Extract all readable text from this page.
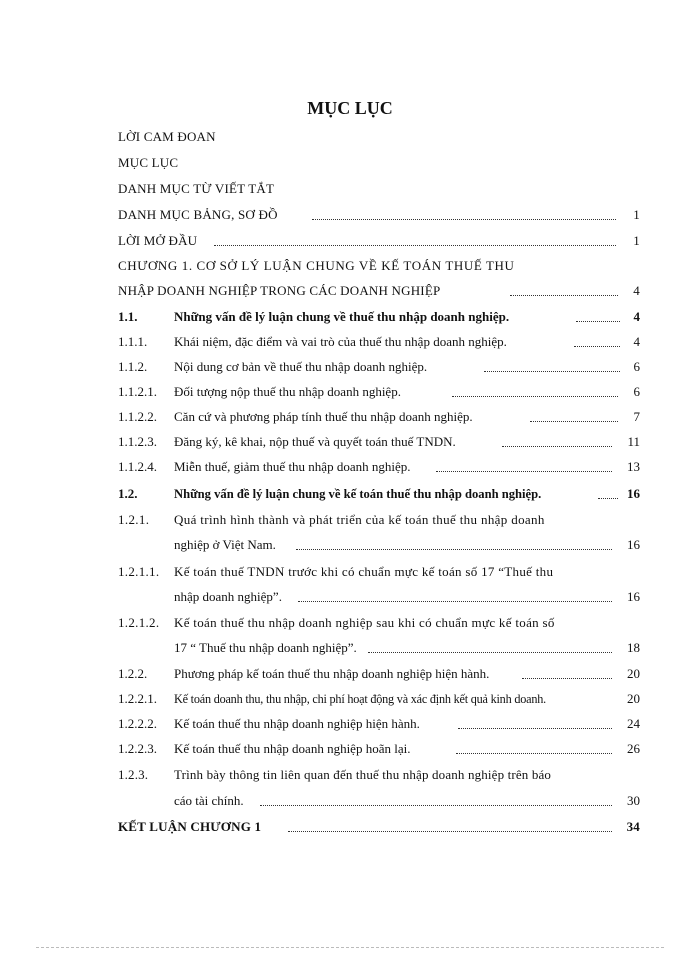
MỤC LỤC
LỜI CAM ĐOAN
MỤC LỤC
DANH MỤC TỪ VIẾT TẮT
DANH MỤC BẢNG, SƠ ĐỒ	1
LỜI MỞ ĐẦU	1
CHƯƠNG 1. CƠ SỞ LÝ LUẬN CHUNG VỀ KẾ TOÁN THUẾ THU
NHẬP DOANH NGHIỆP TRONG CÁC DOANH NGHIỆP	4
1.1.	Những vấn đề lý luận chung về thuế thu nhập doanh nghiệp.	4
1.1.1. Khái niệm, đặc điểm và vai trò của thuế thu nhập doanh nghiệp.	4
1.1.2. Nội dung cơ bản về thuế thu nhập doanh nghiệp.	6
1.1.2.1. Đối tượng nộp thuế thu nhập doanh nghiệp.	6
1.1.2.2. Căn cứ và phương pháp tính thuế thu nhập doanh nghiệp.	7
1.1.2.3. Đăng ký, kê khai, nộp thuế và quyết toán thuế TNDN.	11
1.1.2.4. Miễn thuế, giảm thuế thu nhập doanh nghiệp.	13
1.2.	Những vấn đề lý luận chung về kế toán thuế thu nhập doanh nghiệp.	16
1.2.1. Quá trình hình thành và phát triển của kế toán thuế thu nhập doanh
nghiệp ở Việt Nam.	16
1.2.1.1. Kế toán thuế TNDN trước khi có chuẩn mực kế toán số 17 “Thuế thu
nhập doanh nghiệp”.	16
1.2.1.2. Kế toán thuế thu nhập doanh nghiệp sau khi có chuẩn mực kế toán số
17 “ Thuế thu nhập doanh nghiệp”.	18
1.2.2. Phương pháp kế toán thuế thu nhập doanh nghiệp hiện hành.	20
1.2.2.1. Kế toán doanh thu, thu nhập, chi phí hoạt động và xác định kết quả kinh doanh.	20
1.2.2.2. Kế toán thuế thu nhập doanh nghiệp hiện hành.	24
1.2.2.3. Kế toán thuế thu nhập doanh nghiệp hoãn lại.	26
1.2.3. Trình bày thông tin liên quan đến thuế thu nhập doanh nghiệp trên báo
cáo tài chính.	30
KẾT LUẬN CHƯƠNG 1	34
